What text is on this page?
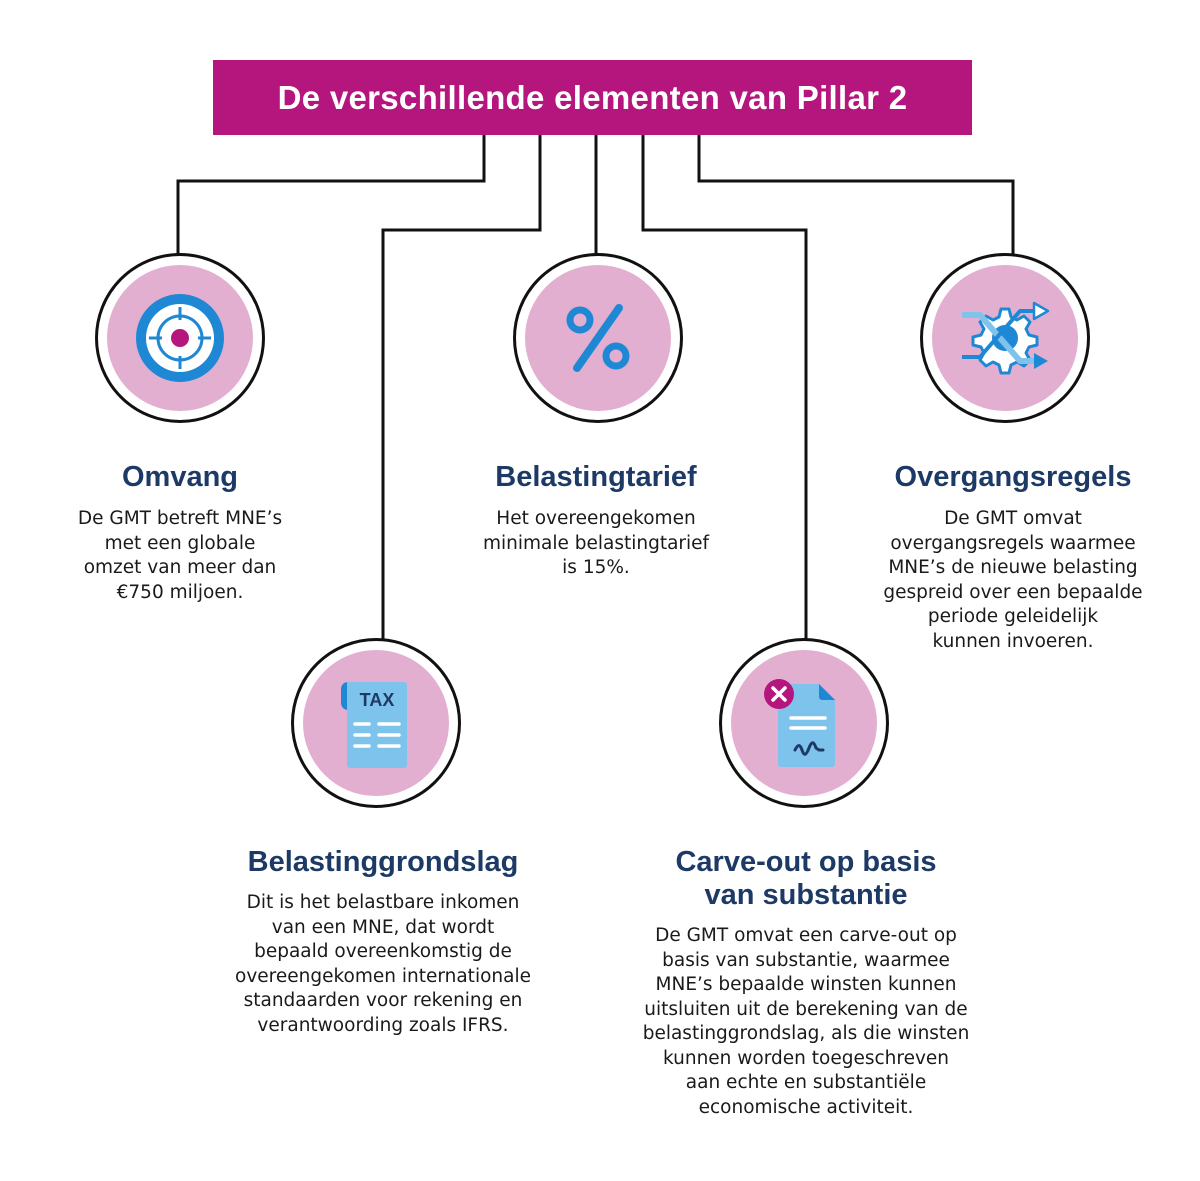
De verschillende elementen van Pillar 2
Omvang

De GMT betreft MNE’s
met een globale
omzet van meer dan
€750 miljoen.

Belastingtarief

Het overeengekomen
minimale belastingtarief
is 15%.

Overgangsregels

De GMT omvat
overgangsregels waarmee
MNE’s de nieuwe belasting
gespreid over een bepaalde
periode geleidelijk
kunnen invoeren.

TAX
Belastinggrondslag

Dit is het belastbare inkomen
van een MNE, dat wordt
bepaald overeenkomstig de
overeengekomen internationale
standaarden voor rekening en
verantwoording zoals IFRS.

Carve-out op basis
van substantie

De GMT omvat een carve-out op
basis van substantie, waarmee
MNE’s bepaalde winsten kunnen
uitsluiten uit de berekening van de
belastinggrondslag, als die winsten
kunnen worden toegeschreven
aan echte en substantiële
economische activiteit.
